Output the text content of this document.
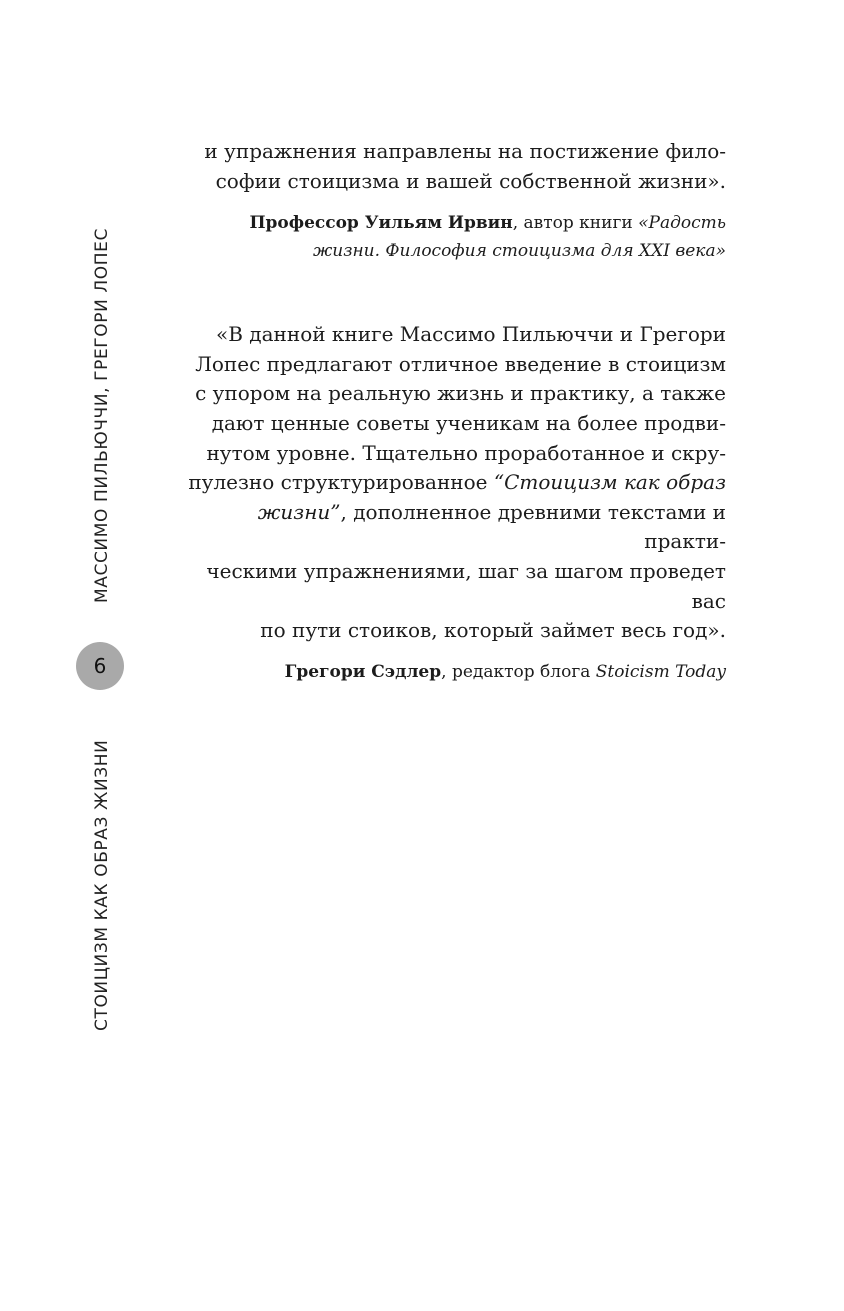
МАССИМО ПИЛЬЮЧЧИ, ГРЕГОРИ ЛОПЕС
СТОИЦИЗМ КАК ОБРАЗ ЖИЗНИ
6

и упражнения направлены на постижение фило-
софии стоицизма и вашей собственной жизни».

Профессор Уильям Ирвин, автор книги «Радость
жизни. Философия стоицизма для XXI века»

«В данной книге Массимо Пильюччи и Грегори
Лопес предлагают отличное введение в стоицизм
с упором на реальную жизнь и практику, а также
дают ценные советы ученикам на более продви-
нутом уровне. Тщательно проработанное и скру-
пулезно структурированное “Стоицизм как образ
жизни”, дополненное древними текстами и практи-
ческими упражнениями, шаг за шагом проведет вас
по пути стоиков, который займет весь год».

Грегори Сэдлер, редактор блога Stoicism Today
